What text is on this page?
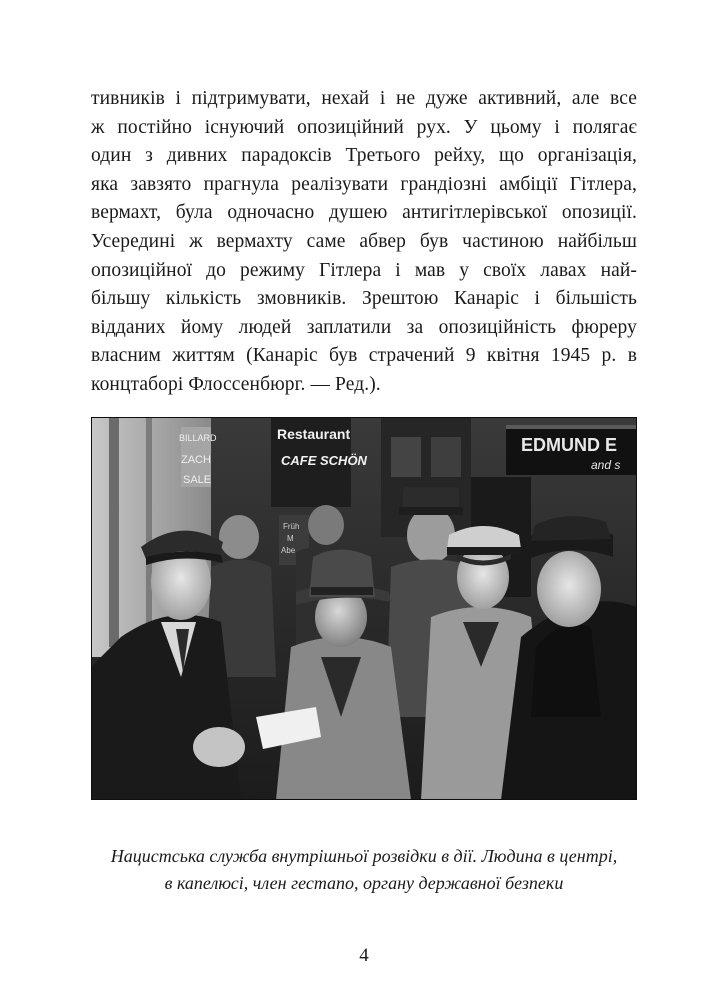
тивників і підтримувати, нехай і не дуже активний, але все
ж постійно існуючий опозиційний рух. У цьому і полягає
один з дивних парадоксів Третього рейху, що організація,
яка завзято прагнула реалізувати грандіозні амбіції Гітлера,
вермахт, була одночасно душею антигітлерівської опозиції.
Усередині ж вермахту саме абвер був частиною найбільш
опозиційної до режиму Гітлера і мав у своїх лавах най-
більшу кількість змовників. Зрештою Канаріс і більшість
відданих йому людей заплатили за опозиційність фюреру
власним життям (Канаріс був страчений 9 квітня 1945 р. в
концтаборі Флоссенбюрг. — Ред.).
BILLARD
ZACH
SALE
Restaurant
CAFE SCHÖN
EDMUND E
and s
Früh
M
Abe
Нацистська служба внутрішньої розвідки в дії. Людина в центрі,
в капелюсі, член гестапо, органу державної безпеки
4
